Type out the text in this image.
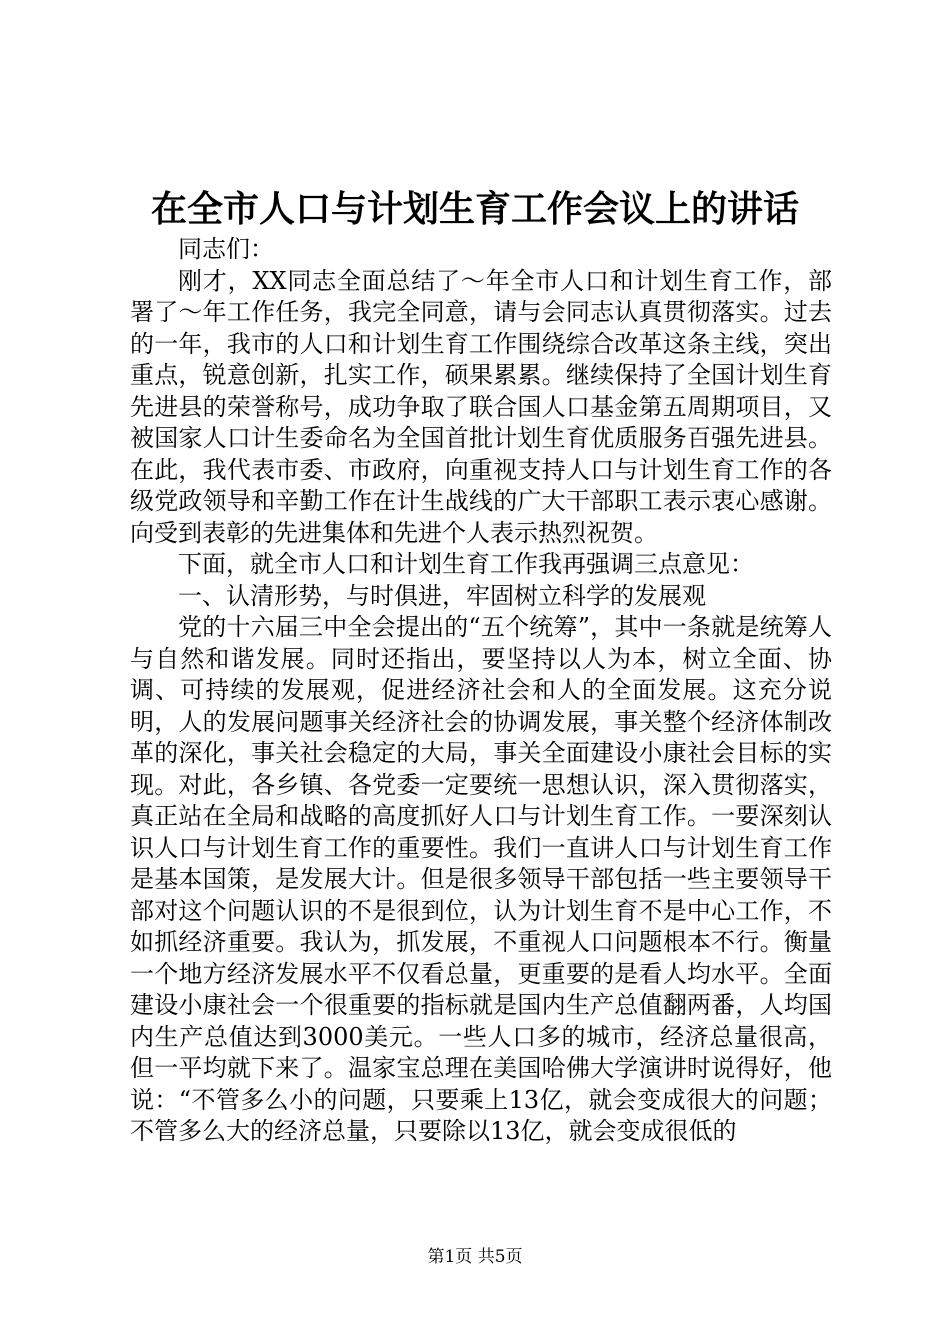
在全市人口与计划生育工作会议上的讲话

同志们：

刚才，XX同志全面总结了～年全市人口和计划生育工作，部署了～年工作任务，我完全同意，请与会同志认真贯彻落实。过去的一年，我市的人口和计划生育工作围绕综合改革这条主线，突出重点，锐意创新，扎实工作，硕果累累。继续保持了全国计划生育先进县的荣誉称号，成功争取了联合国人口基金第五周期项目，又被国家人口计生委命名为全国首批计划生育优质服务百强先进县。在此，我代表市委、市政府，向重视支持人口与计划生育工作的各级党政领导和辛勤工作在计生战线的广大干部职工表示衷心感谢。向受到表彰的先进集体和先进个人表示热烈祝贺。

下面，就全市人口和计划生育工作我再强调三点意见：

一、认清形势，与时俱进，牢固树立科学的发展观

党的十六届三中全会提出的“五个统筹”，其中一条就是统筹人与自然和谐发展。同时还指出，要坚持以人为本，树立全面、协调、可持续的发展观，促进经济社会和人的全面发展。这充分说明，人的发展问题事关经济社会的协调发展，事关整个经济体制改革的深化，事关社会稳定的大局，事关全面建设小康社会目标的实现。对此，各乡镇、各党委一定要统一思想认识，深入贯彻落实，真正站在全局和战略的高度抓好人口与计划生育工作。一要深刻认识人口与计划生育工作的重要性。我们一直讲人口与计划生育工作是基本国策，是发展大计。但是很多领导干部包括一些主要领导干部对这个问题认识的不是很到位，认为计划生育不是中心工作，不如抓经济重要。我认为，抓发展，不重视人口问题根本不行。衡量一个地方经济发展水平不仅看总量，更重要的是看人均水平。全面建设小康社会一个很重要的指标就是国内生产总值翻两番，人均国内生产总值达到3000美元。一些人口多的城市，经济总量很高，但一平均就下来了。温家宝总理在美国哈佛大学演讲时说得好，他说：“不管多么小的问题，只要乘上13亿，就会变成很大的问题；不管多么大的经济总量，只要除以13亿，就会变成很低的

第1页 共5页
